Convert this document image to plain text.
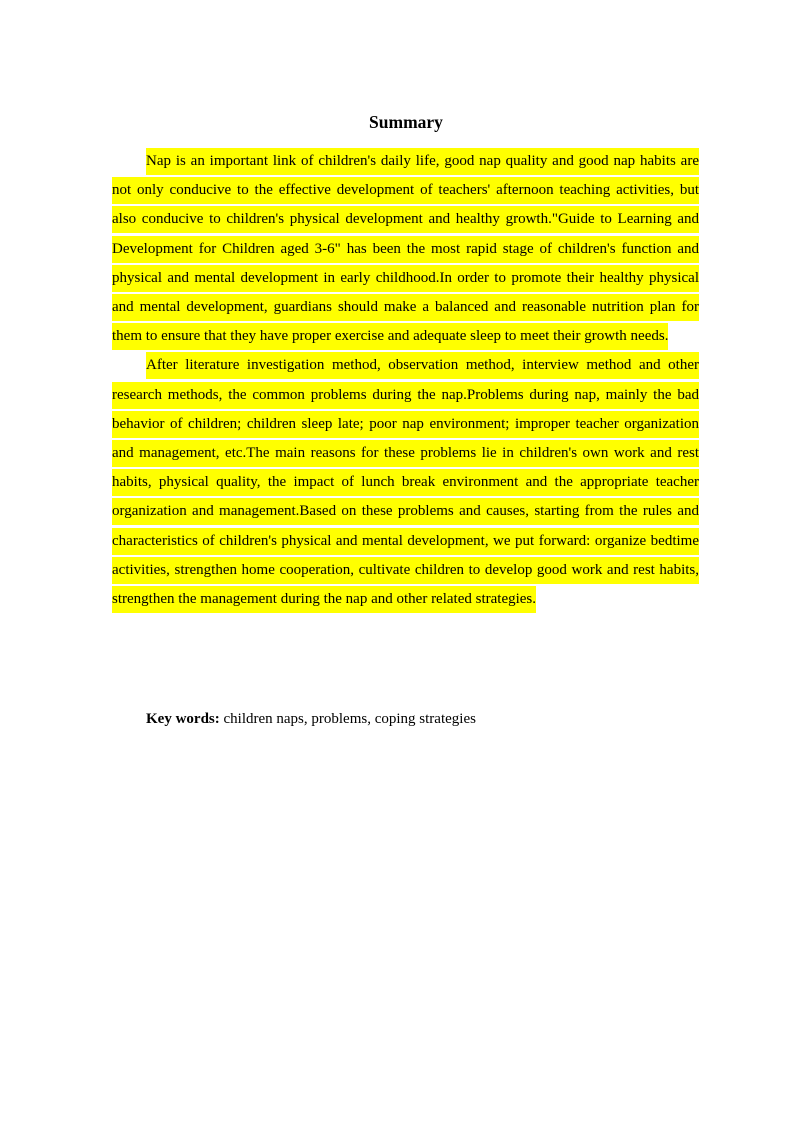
Summary

Nap is an important link of children's daily life, good nap quality and good nap habits are not only conducive to the effective development of teachers' afternoon teaching activities, but also conducive to children's physical development and healthy growth."Guide to Learning and Development for Children aged 3-6" has been the most rapid stage of children's function and physical and mental development in early childhood.In order to promote their healthy physical and mental development, guardians should make a balanced and reasonable nutrition plan for them to ensure that they have proper exercise and adequate sleep to meet their growth needs.

After literature investigation method, observation method, interview method and other research methods, the common problems during the nap.Problems during nap, mainly the bad behavior of children; children sleep late; poor nap environment; improper teacher organization and management, etc.The main reasons for these problems lie in children's own work and rest habits, physical quality, the impact of lunch break environment and the appropriate teacher organization and management.Based on these problems and causes, starting from the rules and characteristics of children's physical and mental development, we put forward: organize bedtime activities, strengthen home cooperation, cultivate children to develop good work and rest habits, strengthen the management during the nap and other related strategies.

Key words: children naps, problems, coping strategies
